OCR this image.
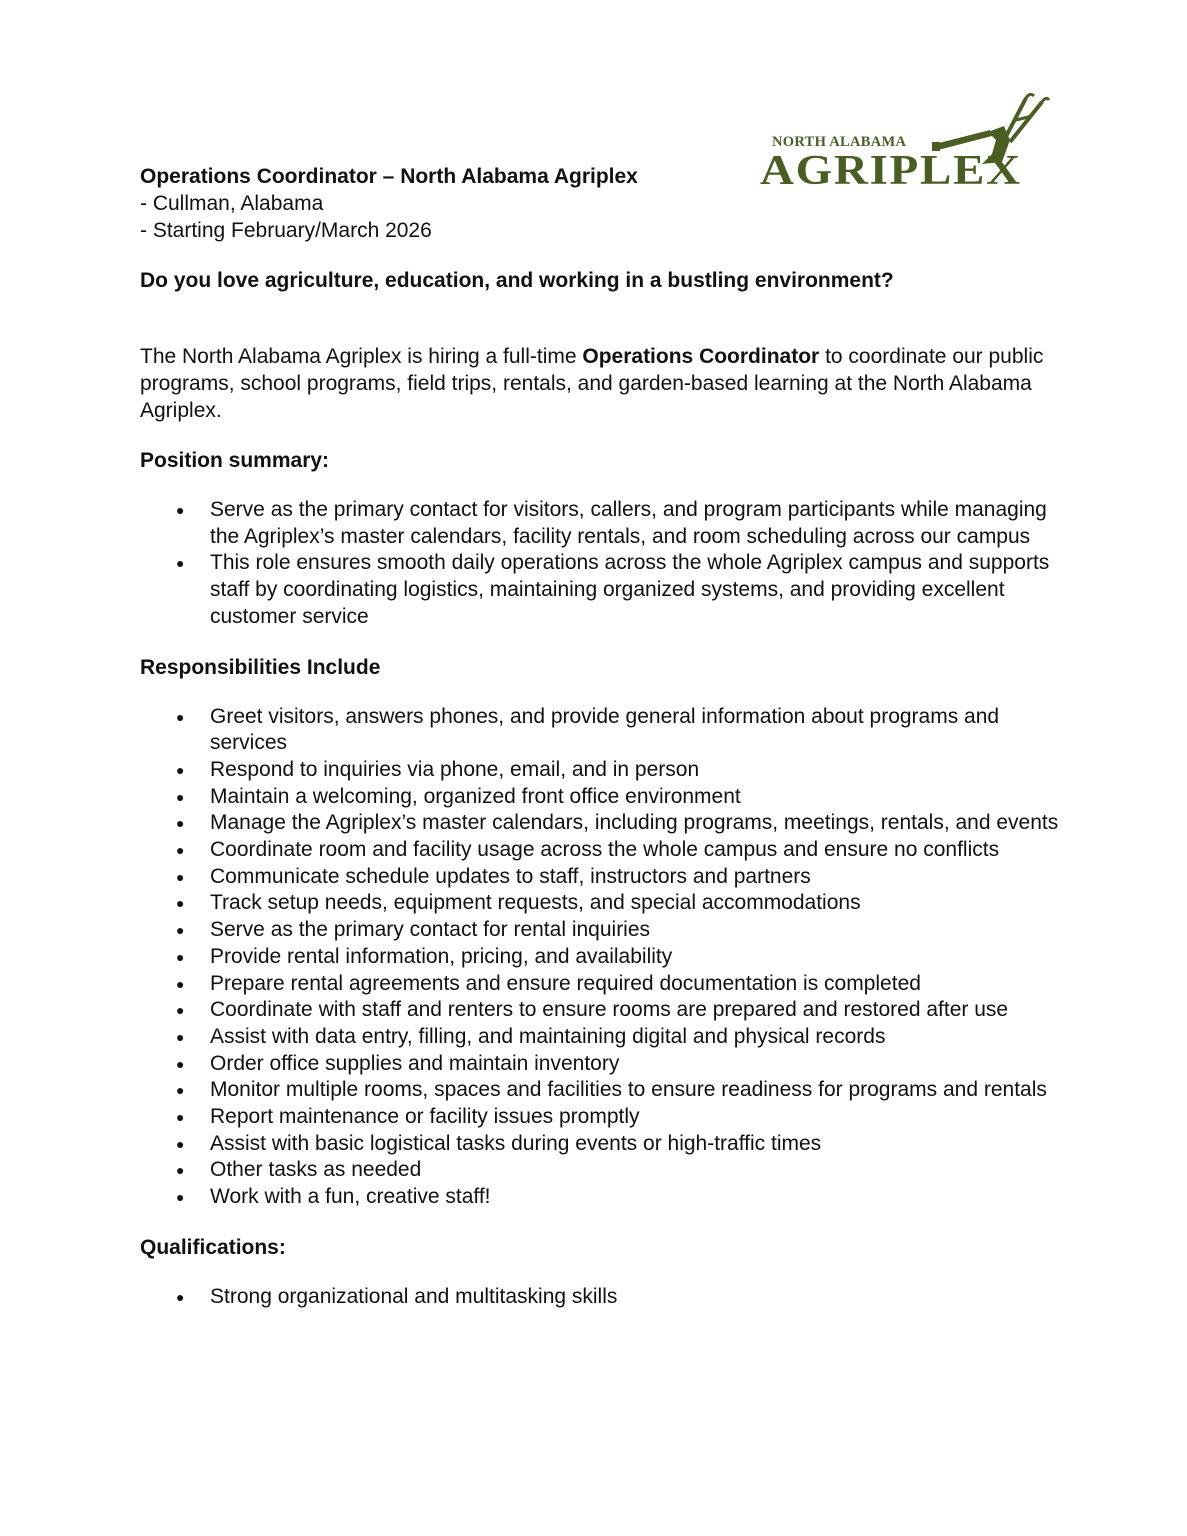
NORTH ALABAMA
AGRIPLEX

Operations Coordinator – North Alabama Agriplex

- Cullman, Alabama

- Starting February/March 2026

Do you love agriculture, education, and working in a bustling environment?

The North Alabama Agriplex is hiring a full-time Operations Coordinator to coordinate our public programs, school programs, field trips, rentals, and garden-based learning at the North Alabama Agriplex.

Position summary:

● Serve as the primary contact for visitors, callers, and program participants while managing the Agriplex’s master calendars, facility rentals, and room scheduling across our campus
● This role ensures smooth daily operations across the whole Agriplex campus and supports staff by coordinating logistics, maintaining organized systems, and providing excellent customer service

Responsibilities Include

● Greet visitors, answers phones, and provide general information about programs and services
● Respond to inquiries via phone, email, and in person
● Maintain a welcoming, organized front office environment
● Manage the Agriplex’s master calendars, including programs, meetings, rentals, and events
● Coordinate room and facility usage across the whole campus and ensure no conflicts
● Communicate schedule updates to staff, instructors and partners
● Track setup needs, equipment requests, and special accommodations
● Serve as the primary contact for rental inquiries
● Provide rental information, pricing, and availability
● Prepare rental agreements and ensure required documentation is completed
● Coordinate with staff and renters to ensure rooms are prepared and restored after use
● Assist with data entry, filling, and maintaining digital and physical records
● Order office supplies and maintain inventory
● Monitor multiple rooms, spaces and facilities to ensure readiness for programs and rentals
● Report maintenance or facility issues promptly
● Assist with basic logistical tasks during events or high-traffic times
● Other tasks as needed
● Work with a fun, creative staff!

Qualifications:

● Strong organizational and multitasking skills
